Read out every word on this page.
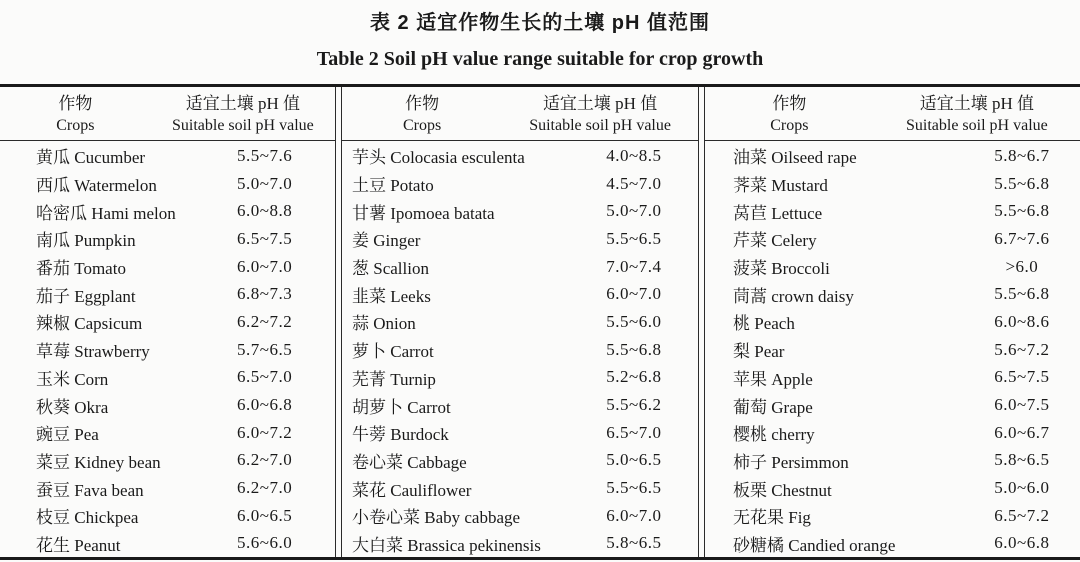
表 2 适宜作物生长的土壤 pH 值范围
Table 2 Soil pH value range suitable for crop growth
作物
Crops
适宜土壤 pH 值
Suitable soil pH value
黄瓜 Cucumber	5.5~7.6
西瓜 Watermelon	5.0~7.0
哈密瓜 Hami melon	6.0~8.8
南瓜 Pumpkin	6.5~7.5
番茄 Tomato	6.0~7.0
茄子 Eggplant	6.8~7.3
辣椒 Capsicum	6.2~7.2
草莓 Strawberry	5.7~6.5
玉米 Corn	6.5~7.0
秋葵 Okra	6.0~6.8
豌豆 Pea	6.0~7.2
菜豆 Kidney bean	6.2~7.0
蚕豆 Fava bean	6.2~7.0
枝豆 Chickpea	6.0~6.5
花生 Peanut	5.6~6.0
作物
Crops
适宜土壤 pH 值
Suitable soil pH value
芋头 Colocasia esculenta	4.0~8.5
土豆 Potato	4.5~7.0
甘薯 Ipomoea batata	5.0~7.0
姜 Ginger	5.5~6.5
葱 Scallion	7.0~7.4
韭菜 Leeks	6.0~7.0
蒜 Onion	5.5~6.0
萝卜 Carrot	5.5~6.8
芜菁 Turnip	5.2~6.8
胡萝卜 Carrot	5.5~6.2
牛蒡 Burdock	6.5~7.0
卷心菜 Cabbage	5.0~6.5
菜花 Cauliflower	5.5~6.5
小卷心菜 Baby cabbage	6.0~7.0
大白菜 Brassica pekinensis	5.8~6.5
作物
Crops
适宜土壤 pH 值
Suitable soil pH value
油菜 Oilseed rape	5.8~6.7
荠菜 Mustard	5.5~6.8
莴苣 Lettuce	5.5~6.8
芹菜 Celery	6.7~7.6
菠菜 Broccoli	>6.0
茼蒿 crown daisy	5.5~6.8
桃 Peach	6.0~8.6
梨 Pear	5.6~7.2
苹果 Apple	6.5~7.5
葡萄 Grape	6.0~7.5
樱桃 cherry	6.0~6.7
柿子 Persimmon	5.8~6.5
板栗 Chestnut	5.0~6.0
无花果 Fig	6.5~7.2
砂糖橘 Candied orange	6.0~6.8
